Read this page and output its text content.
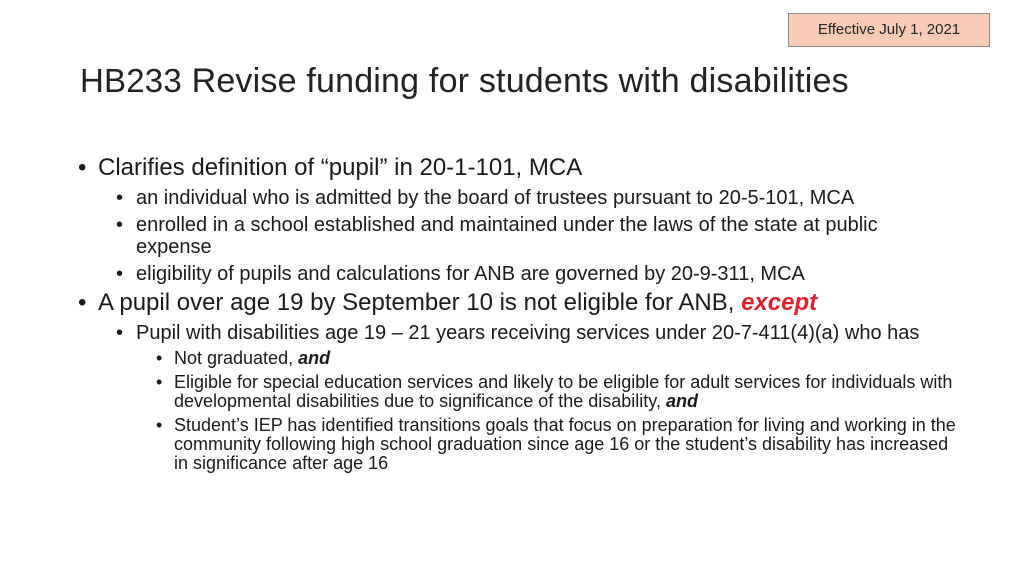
Effective July 1, 2021
HB233 Revise funding for students with disabilities
• Clarifies definition of “pupil” in 20-1-101, MCA
• an individual who is admitted by the board of trustees pursuant to 20-5-101, MCA
• enrolled in a school established and maintained under the laws of the state at public expense
• eligibility of pupils and calculations for ANB are governed by 20-9-311, MCA
• A pupil over age 19 by September 10 is not eligible for ANB, except
• Pupil with disabilities age 19 – 21 years receiving services under 20-7-411(4)(a) who has
• Not graduated, and
• Eligible for special education services and likely to be eligible for adult services for individuals with developmental disabilities due to significance of the disability, and
• Student’s IEP has identified transitions goals that focus on preparation for living and working in the community following high school graduation since age 16 or the student’s disability has increased in significance after age 16
